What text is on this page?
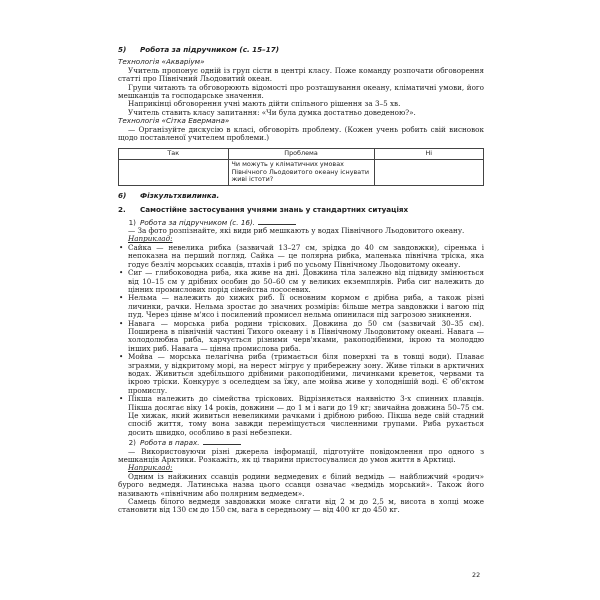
5)	Робота за підручником (с. 15–17)

Технологія «Акваріум»

Учитель пропонує одній із груп сісти в центрі класу. Поже команду розпочати обговорення статті про Північний Льодовитий океан.

Групи читають та обговорюють відомості про розташування океану, кліматичні умови, його мешканців та господарське значення.

Наприкінці обговорення учні мають дійти спільного рішення за 3–5 хв.

Учитель ставить класу запитання: «Чи була думка достатньо доведеною?».

Технологія «Сітка Евермана»

— Організуйте дискусію в класі, обговоріть проблему. (Кожен учень робить свій висновок щодо поставленої учителем проблеми.)

Так	Проблема	Ні
	Чи можуть у кліматичних умовах Північного Льодовитого океану існувати живі істоти?	
6)	Фізкультхвилинка.
2.	Самостійне застосування учнями знань у стандартних ситуаціях
1) Робота за підручником (с. 16).

— За фото розпізнайте, які види риб мешкають у водах Північного Льодовитого океану.

Наприклад:

• Сайка — невелика рибка (зазвичай 13–27 см, зрідка до 40 см завдовжки), сіренька і непоказна на перший погляд. Сайка — це полярна рибка, маленька північна тріска, яка годує безліч морських ссавців, птахів і риб по усьому Північному Льодовитому океану.
• Сиг — глибоководна риба, яка живе на дні. Довжина тіла залежно від підвиду змінюється від 10–15 см у дрібних особин до 50–60 см у великих екземплярів. Риба сиг належить до цінних промислових порід сімейства лососевих.
• Нельма — належить до хижих риб. Її основним кормом є дрібна риба, а також різні личинки, рачки. Нельма зростає до значних розмірів: більше метра завдовжки і вагою під пуд. Через цінне м'ясо і посилений промисел нельма опинилася під загрозою зникнення.
• Навага — морська риба родини тріскових. Довжина до 50 см (зазвичай 30–35 см). Поширена в північній частині Тихого океану і в Північному Льодовитому океані. Навага — холодолюбна риба, харчується різними черв'яками, ракоподібними, ікрою та молоддю інших риб. Навага — цінна промислова риба.
• Мойва — морська пелагічна риба (тримається біля поверхні та в товщі води). Плаває зграями, у відкритому морі, на нерест мігрує у прибережну зону. Живе тільки в арктичних водах. Живиться здебільшого дрібними ракоподібними, личинками креветок, червами та ікрою тріски. Конкурує з оселедцем за їжу, але мойва живе у холоднішій воді. Є об'єктом промислу.
• Пікша належить до сімейства тріскових. Відрізняється наявністю 3-х спинних плавців. Пікша досягає віку 14 років, довжини — до 1 м і ваги до 19 кг; звичайна довжина 50–75 см. Це хижак, який живиться невеликими рачками і дрібною рибою. Пікша веде свій стадний спосіб життя, тому вона завжди переміщується численними групами. Риба рухається досить швидко, особливо в разі небезпеки.
2) Робота в парах.

— Використовуючи різні джерела інформації, підготуйте повідомлення про одного з мешканців Арктики. Розкажіть, як ці тварини пристосувалися до умов життя в Арктиці.

Наприклад:

Одним із найжиних ссавців родини ведмедевих є білий ведмідь — найближчий «родич» бурого ведмедя. Латинська назва цього ссавця означає «ведмідь морський». Також його називають «північним або полярним ведмедем».

Самець білого ведмедя завдовжки може сягати від 2 м до 2,5 м, висота в холці може становити від 130 см до 150 см, вага в середньому — від 400 кг до 450 кг.

22
